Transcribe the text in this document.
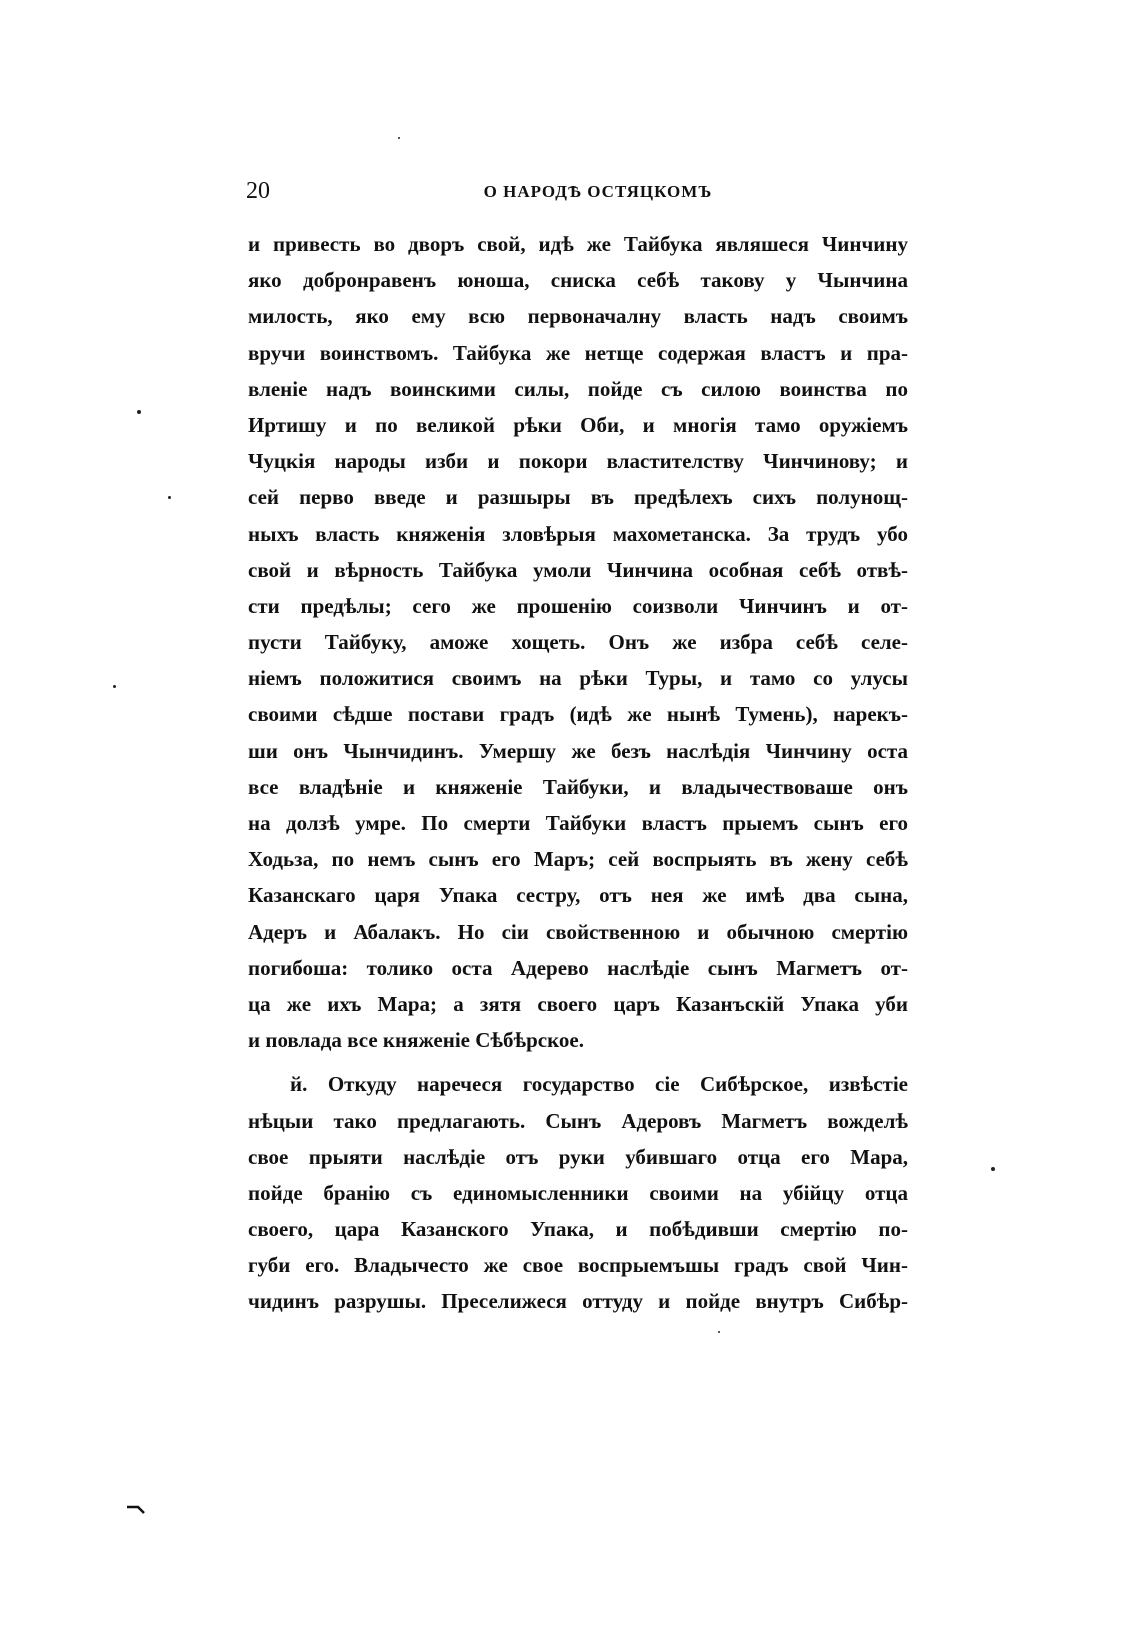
20	О НАРОДѢ ОСТЯЦКОМЪ
и привесть во дворъ свой, идѣ же Тайбука являшеся Чинчину
яко добронравенъ юноша, сниска себѣ такову у Чынчина
милость, яко ему всю первоначалну власть надъ своимъ
вручи воинствомъ. Тайбука же нетще содержая властъ и пра-
вленіе надъ воинскими силы, пойде съ силою воинства по
Иртишу и по великой рѣки Оби, и многія тамо оружіемъ
Чуцкія народы изби и покори властителству Чинчинову; и
сей перво введе и разшыры въ предѣлехъ сихъ полунощ-
ныхъ власть княженія зловѣрыя махометанска. За трудъ убо
свой и вѣрность Тайбука умоли Чинчина особная себѣ отвѣ-
сти предѣлы; сего же прошенію соизволи Чинчинъ и от-
пусти Тайбуку, аможе хощеть. Онъ же избра себѣ селе-
ніемъ положитися своимъ на рѣки Туры, и тамо со улусы
своими сѣдше постави градъ (идѣ же нынѣ Тумень), нарекъ-
ши онъ Чынчидинъ. Умершу же безъ наслѣдія Чинчину оста
все владѣніе и княженіе Тайбуки, и владычествоваше онъ
на долзѣ умре. По смерти Тайбуки властъ прыемъ сынъ его
Ходьза, по немъ сынъ его Маръ; сей воспрыять въ жену себѣ
Казанскаго царя Упака сестру, отъ нея же имѣ два сына,
Адеръ и Абалакъ. Но сіи свойственною и обычною смертію
погибоша: толико оста Адерево наслѣдіе сынъ Магметъ от-
ца же ихъ Мара; а зятя своего царъ Казанъскій Упака уби
и повлада все княженіе Сѣбѣрское.
й. Откуду наречеся государство сіе Сибѣрское, извѣстіе
нѣцыи тако предлагають. Сынъ Адеровъ Магметъ вожделѣ
свое прыяти наслѣдіе отъ руки убившаго отца его Мара,
пойде бранію съ единомысленники своими на убійцу отца
своего, цара Казанского Упака, и побѣдивши смертію по-
губи его. Владычесто же свое воспрыемъшы градъ свой Чин-
чидинъ разрушы. Преселижеся оттуду и пойде внутръ Сибѣр-
